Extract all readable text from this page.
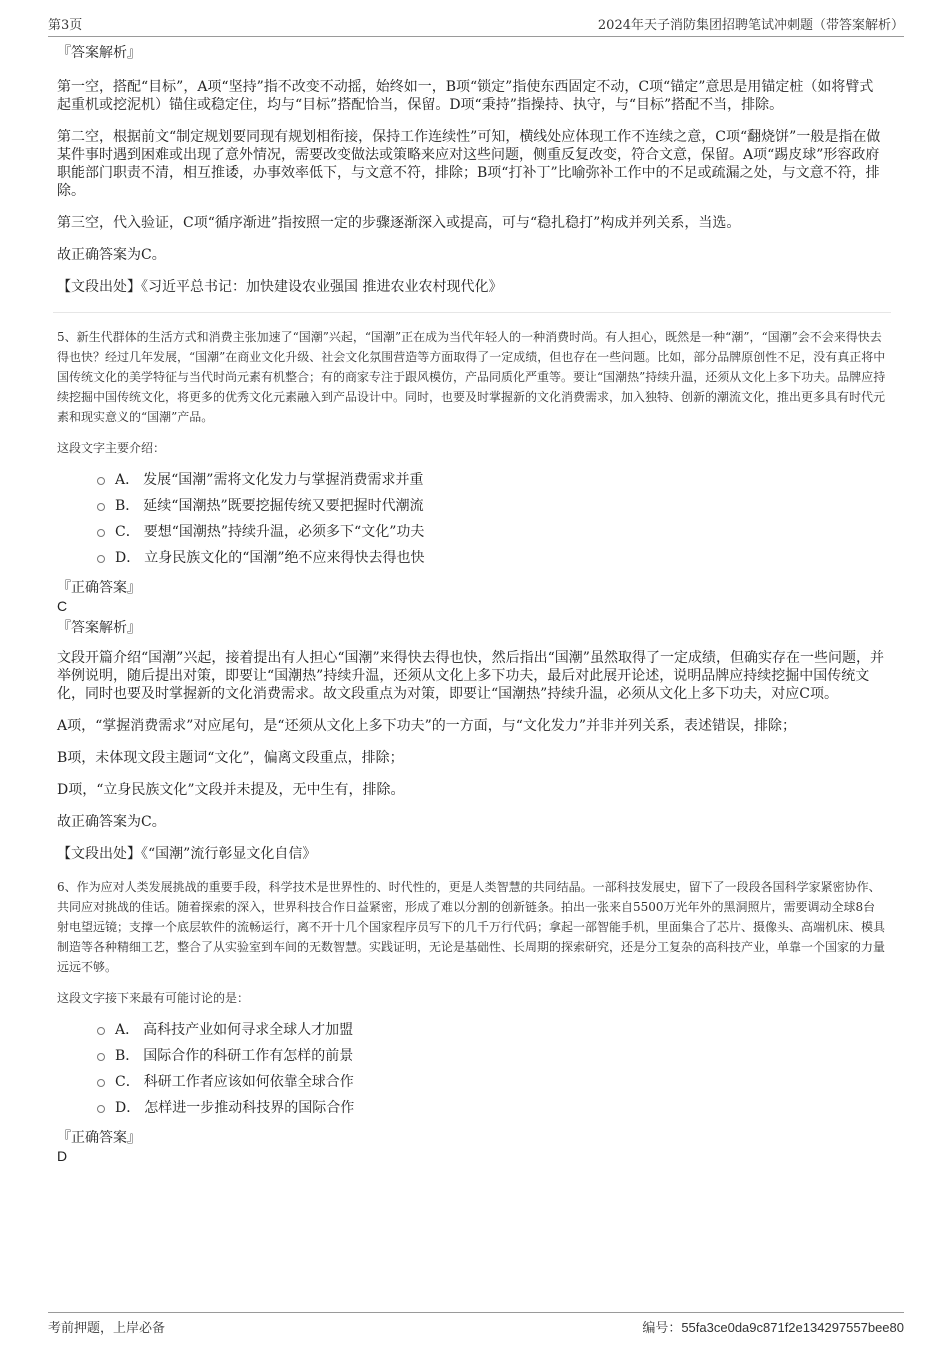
第3页	2024年天子消防集团招聘笔试冲刺题（带答案解析）

『答案解析』

第一空，搭配“目标”，A项“坚持”指不改变不动摇，始终如一，B项“锁定”指使东西固定不动，C项“锚定”意思是用锚定桩（如将臂式起重机或挖泥机）锚住或稳定住，均与“目标”搭配恰当，保留。D项“秉持”指操持、执守，与“目标”搭配不当，排除。

第二空，根据前文“制定规划要同现有规划相衔接，保持工作连续性”可知，横线处应体现工作不连续之意，C项“翻烧饼”一般是指在做某件事时遇到困难或出现了意外情况，需要改变做法或策略来应对这些问题，侧重反复改变，符合文意，保留。A项“踢皮球”形容政府职能部门职责不清，相互推诿，办事效率低下，与文意不符，排除；B项“打补丁”比喻弥补工作中的不足或疏漏之处，与文意不符，排除。

第三空，代入验证，C项“循序渐进”指按照一定的步骤逐渐深入或提高，可与“稳扎稳打”构成并列关系，当选。

故正确答案为C。

【文段出处】《习近平总书记：加快建设农业强国 推进农业农村现代化》

5、新生代群体的生活方式和消费主张加速了“国潮”兴起，“国潮”正在成为当代年轻人的一种消费时尚。有人担心，既然是一种“潮”，“国潮”会不会来得快去得也快？经过几年发展，“国潮”在商业文化升级、社会文化氛围营造等方面取得了一定成绩，但也存在一些问题。比如，部分品牌原创性不足，没有真正将中国传统文化的美学特征与当代时尚元素有机整合；有的商家专注于跟风模仿，产品同质化严重等。要让“国潮热”持续升温，还须从文化上多下功夫。品牌应持续挖掘中国传统文化，将更多的优秀文化元素融入到产品设计中。同时，也要及时掌握新的文化消费需求，加入独特、创新的潮流文化，推出更多具有时代元素和现实意义的“国潮”产品。

这段文字主要介绍：

A． 发展“国潮”需将文化发力与掌握消费需求并重
B． 延续“国潮热”既要挖掘传统又要把握时代潮流
C． 要想“国潮热”持续升温，必须多下“文化”功夫
D． 立身民族文化的“国潮”绝不应来得快去得也快

『正确答案』

C

『答案解析』

文段开篇介绍“国潮”兴起，接着提出有人担心“国潮”来得快去得也快，然后指出“国潮”虽然取得了一定成绩，但确实存在一些问题，并举例说明，随后提出对策，即要让“国潮热”持续升温，还须从文化上多下功夫，最后对此展开论述，说明品牌应持续挖掘中国传统文化，同时也要及时掌握新的文化消费需求。故文段重点为对策，即要让“国潮热”持续升温，必须从文化上多下功夫，对应C项。

A项，“掌握消费需求”对应尾句，是“还须从文化上多下功夫”的一方面，与“文化发力”并非并列关系，表述错误，排除；

B项，未体现文段主题词“文化”，偏离文段重点，排除；

D项，“立身民族文化”文段并未提及，无中生有，排除。

故正确答案为C。

【文段出处】《“国潮”流行彰显文化自信》

6、作为应对人类发展挑战的重要手段，科学技术是世界性的、时代性的，更是人类智慧的共同结晶。一部科技发展史，留下了一段段各国科学家紧密协作、共同应对挑战的佳话。随着探索的深入，世界科技合作日益紧密，形成了难以分割的创新链条。拍出一张来自5500万光年外的黑洞照片，需要调动全球8台射电望远镜；支撑一个底层软件的流畅运行，离不开十几个国家程序员写下的几千万行代码；拿起一部智能手机，里面集合了芯片、摄像头、高端机床、模具制造等各种精细工艺，整合了从实验室到车间的无数智慧。实践证明，无论是基础性、长周期的探索研究，还是分工复杂的高科技产业，单靠一个国家的力量远远不够。

这段文字接下来最有可能讨论的是：

A． 高科技产业如何寻求全球人才加盟
B． 国际合作的科研工作有怎样的前景
C． 科研工作者应该如何依靠全球合作
D． 怎样进一步推动科技界的国际合作

『正确答案』

D

考前押题，上岸必备	编号：55fa3ce0da9c871f2e134297557bee80
